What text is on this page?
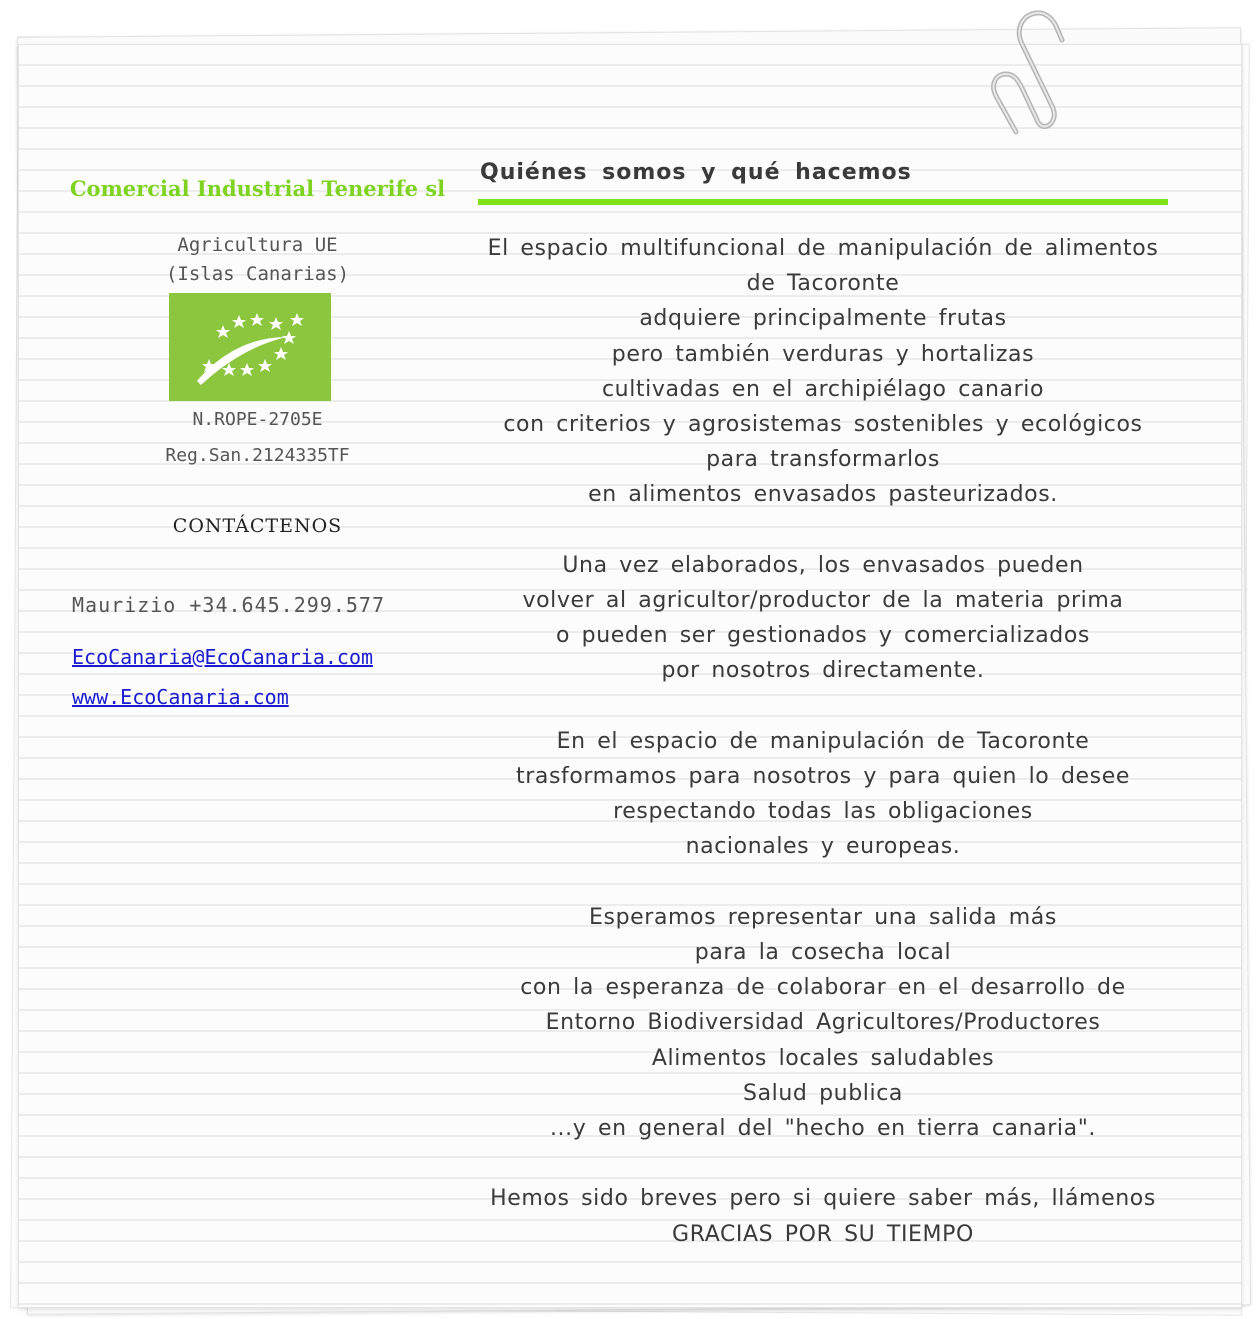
Comercial Industrial Tenerife sl

Agricultura UE
(Islas Canarias)
N.ROPE-2705E
Reg.San.2124335TF
CONTÁCTENOS
Maurizio +34.645.299.577
EcoCanaria@EcoCanaria.com
www.EcoCanaria.com
Quiénes somos y qué hacemos

El espacio multifuncional de manipulación de alimentos

de Tacoronte

adquiere principalmente frutas

pero también verduras y hortalizas

cultivadas en el archipiélago canario

con criterios y agrosistemas sostenibles y ecológicos

para transformarlos

en alimentos envasados pasteurizados.

Una vez elaborados, los envasados pueden

volver al agricultor/productor de la materia prima

o pueden ser gestionados y comercializados

por nosotros directamente.

En el espacio de manipulación de Tacoronte

trasformamos para nosotros y para quien lo desee

respectando todas las obligaciones

nacionales y europeas.

Esperamos representar una salida más

para la cosecha local

con la esperanza de colaborar en el desarrollo de

Entorno Biodiversidad Agricultores/Productores

Alimentos locales saludables

Salud publica

...y en general del "hecho en tierra canaria".

Hemos sido breves pero si quiere saber más, llámenos

GRACIAS POR SU TIEMPO
